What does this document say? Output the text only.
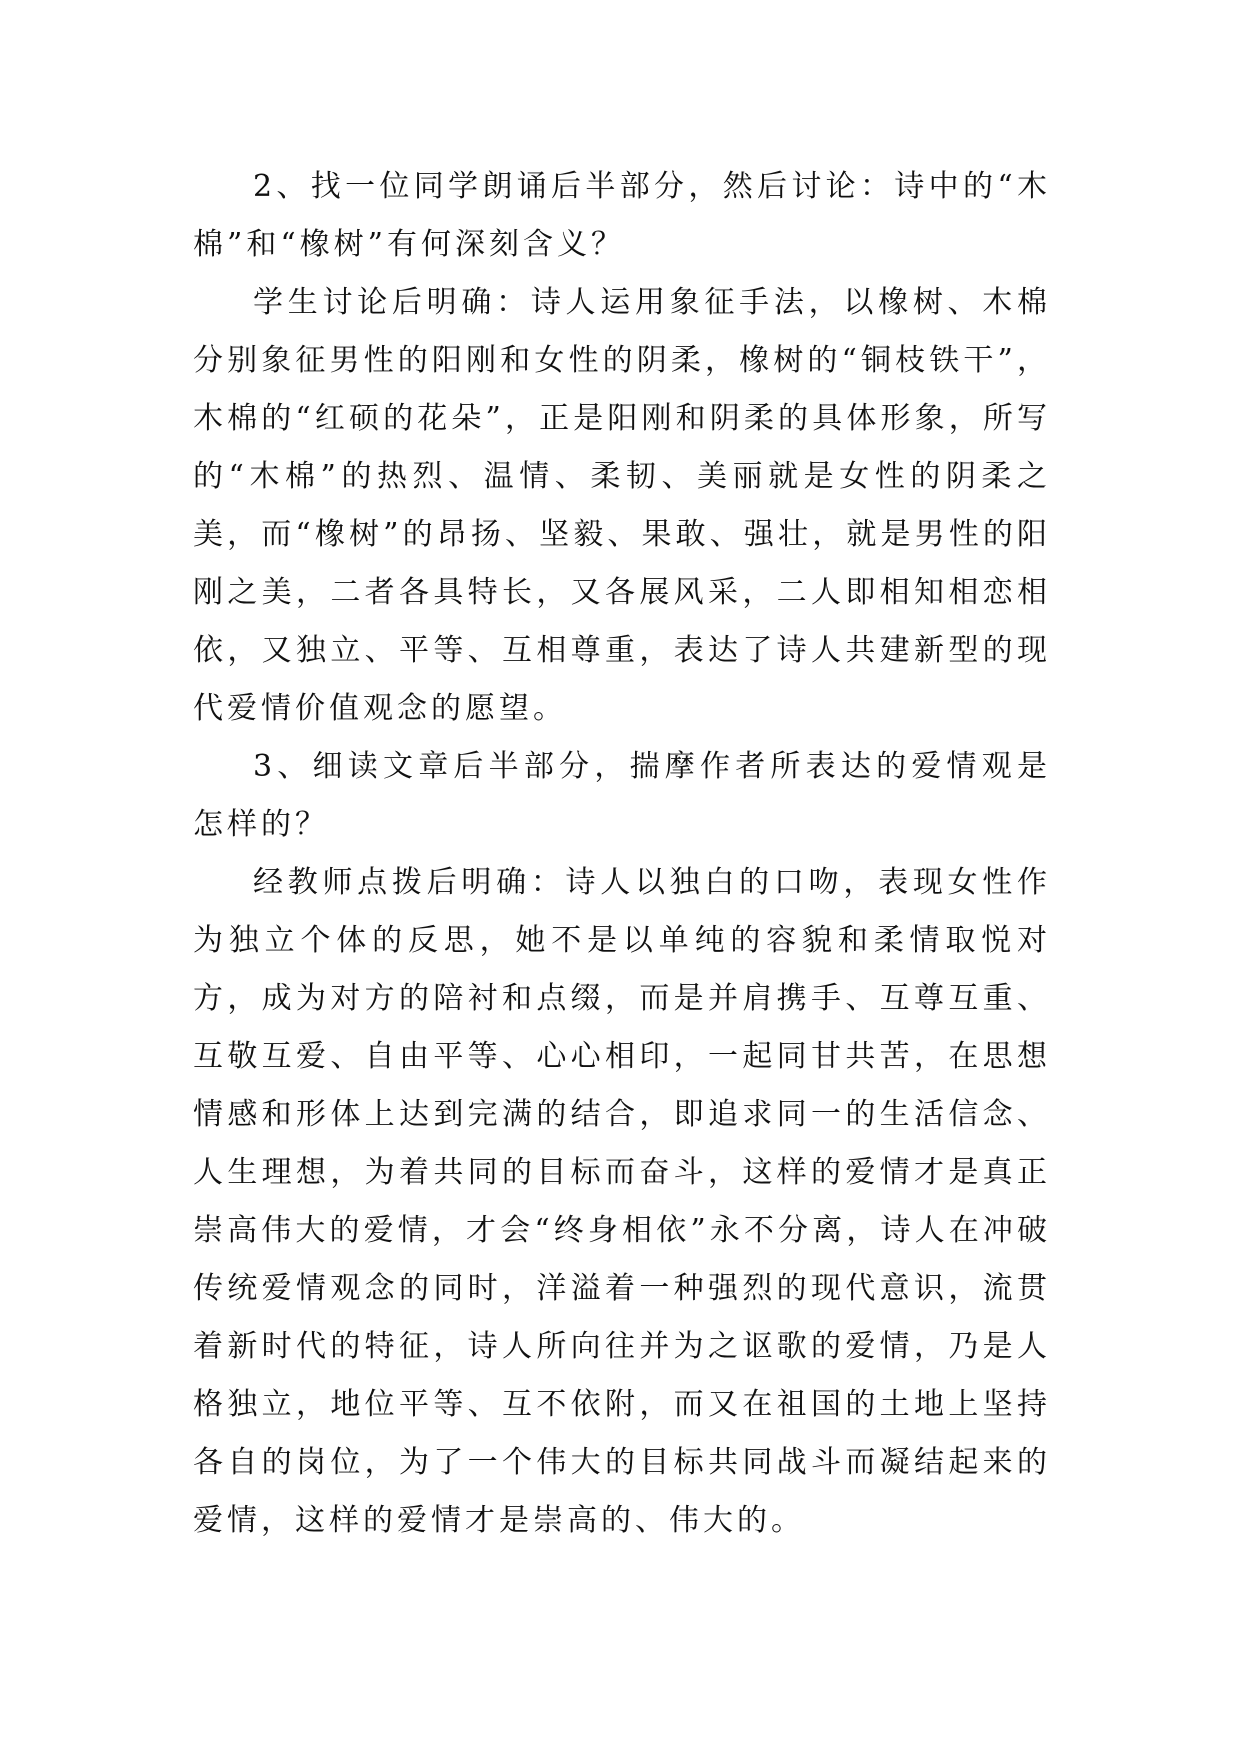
2、找一位同学朗诵后半部分，然后讨论：诗中的“木棉”和“橡树”有何深刻含义？

学生讨论后明确：诗人运用象征手法，以橡树、木棉分别象征男性的阳刚和女性的阴柔，橡树的“铜枝铁干”，木棉的“红硕的花朵”，正是阳刚和阴柔的具体形象，所写的“木棉”的热烈、温情、柔韧、美丽就是女性的阴柔之美，而“橡树”的昂扬、坚毅、果敢、强壮，就是男性的阳刚之美，二者各具特长，又各展风采，二人即相知相恋相依，又独立、平等、互相尊重，表达了诗人共建新型的现代爱情价值观念的愿望。

3、细读文章后半部分，揣摩作者所表达的爱情观是怎样的？

经教师点拨后明确：诗人以独白的口吻，表现女性作为独立个体的反思，她不是以单纯的容貌和柔情取悦对方，成为对方的陪衬和点缀，而是并肩携手、互尊互重、互敬互爱、自由平等、心心相印，一起同甘共苦，在思想情感和形体上达到完满的结合，即追求同一的生活信念、人生理想，为着共同的目标而奋斗，这样的爱情才是真正崇高伟大的爱情，才会“终身相依”永不分离，诗人在冲破传统爱情观念的同时，洋溢着一种强烈的现代意识，流贯着新时代的特征，诗人所向往并为之讴歌的爱情，乃是人格独立，地位平等、互不依附，而又在祖国的土地上坚持各自的岗位，为了一个伟大的目标共同战斗而凝结起来的爱情，这样的爱情才是崇高的、伟大的。
